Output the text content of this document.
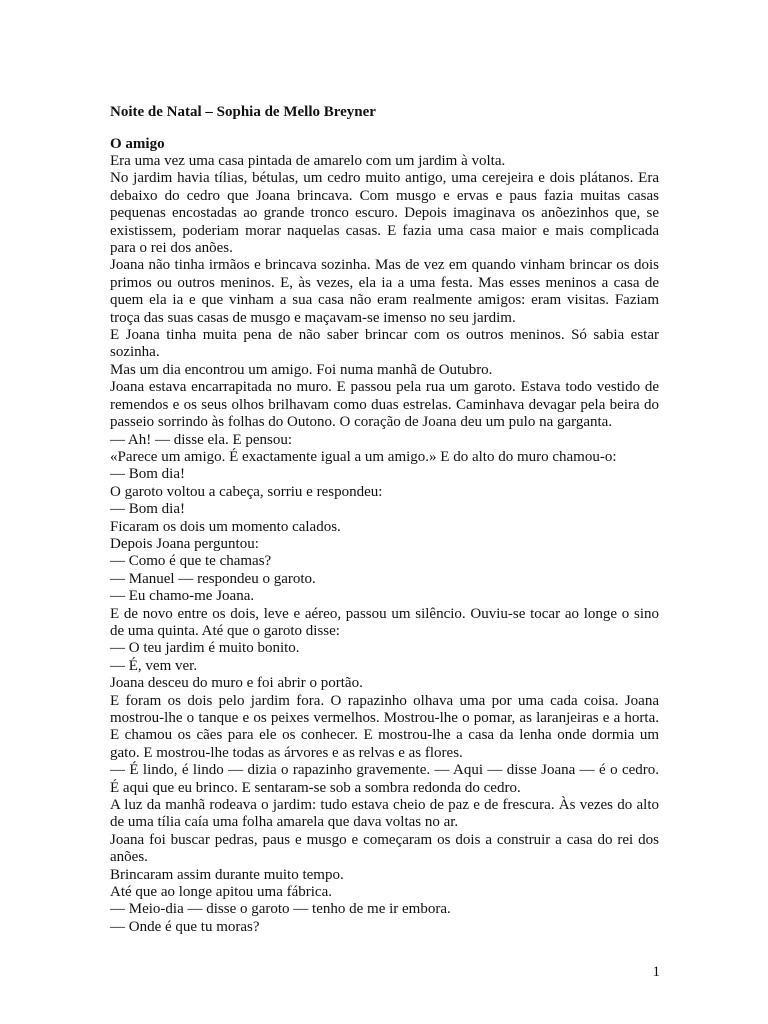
Noite de Natal – Sophia de Mello Breyner
O amigo

Era uma vez uma casa pintada de amarelo com um jardim à volta.

No jardim havia tílias, bétulas, um cedro muito antigo, uma cerejeira e dois plátanos. Era debaixo do cedro que Joana brincava. Com musgo e ervas e paus fazia muitas casas pequenas encostadas ao grande tronco escuro. Depois imaginava os anõezinhos que, se existissem, poderiam morar naquelas casas. E fazia uma casa maior e mais complicada para o rei dos anões.

Joana não tinha irmãos e brincava sozinha. Mas de vez em quando vinham brincar os dois primos ou outros meninos. E, às vezes, ela ia a uma festa. Mas esses meninos a casa de quem ela ia e que vinham a sua casa não eram realmente amigos: eram visitas. Faziam troça das suas casas de musgo e maçavam-se imenso no seu jardim.

E Joana tinha muita pena de não saber brincar com os outros meninos. Só sabia estar sozinha.

Mas um dia encontrou um amigo. Foi numa manhã de Outubro.

Joana estava encarrapitada no muro. E passou pela rua um garoto. Estava todo vestido de remendos e os seus olhos brilhavam como duas estrelas. Caminhava devagar pela beira do passeio sorrindo às folhas do Outono. O coração de Joana deu um pulo na garganta.

— Ah! — disse ela. E pensou:

«Parece um amigo. É exactamente igual a um amigo.» E do alto do muro chamou-o:

— Bom dia!

O garoto voltou a cabeça, sorriu e respondeu:

— Bom dia!

Ficaram os dois um momento calados.

Depois Joana perguntou:

— Como é que te chamas?

— Manuel — respondeu o garoto.

— Eu chamo-me Joana.

E de novo entre os dois, leve e aéreo, passou um silêncio. Ouviu-se tocar ao longe o sino de uma quinta. Até que o garoto disse:

— O teu jardim é muito bonito.

— É, vem ver.

Joana desceu do muro e foi abrir o portão.

E foram os dois pelo jardim fora. O rapazinho olhava uma por uma cada coisa. Joana mostrou-lhe o tanque e os peixes vermelhos. Mostrou-lhe o pomar, as laranjeiras e a horta. E chamou os cães para ele os conhecer. E mostrou-lhe a casa da lenha onde dormia um gato. E mostrou-lhe todas as árvores e as relvas e as flores.

— É lindo, é lindo — dizia o rapazinho gravemente. — Aqui — disse Joana — é o cedro. É aqui que eu brinco. E sentaram-se sob a sombra redonda do cedro.

A luz da manhã rodeava o jardim: tudo estava cheio de paz e de frescura. Às vezes do alto de uma tília caía uma folha amarela que dava voltas no ar.

Joana foi buscar pedras, paus e musgo e começaram os dois a construir a casa do rei dos anões.

Brincaram assim durante muito tempo.

Até que ao longe apitou uma fábrica.

— Meio-dia — disse o garoto — tenho de me ir embora.

— Onde é que tu moras?

1
